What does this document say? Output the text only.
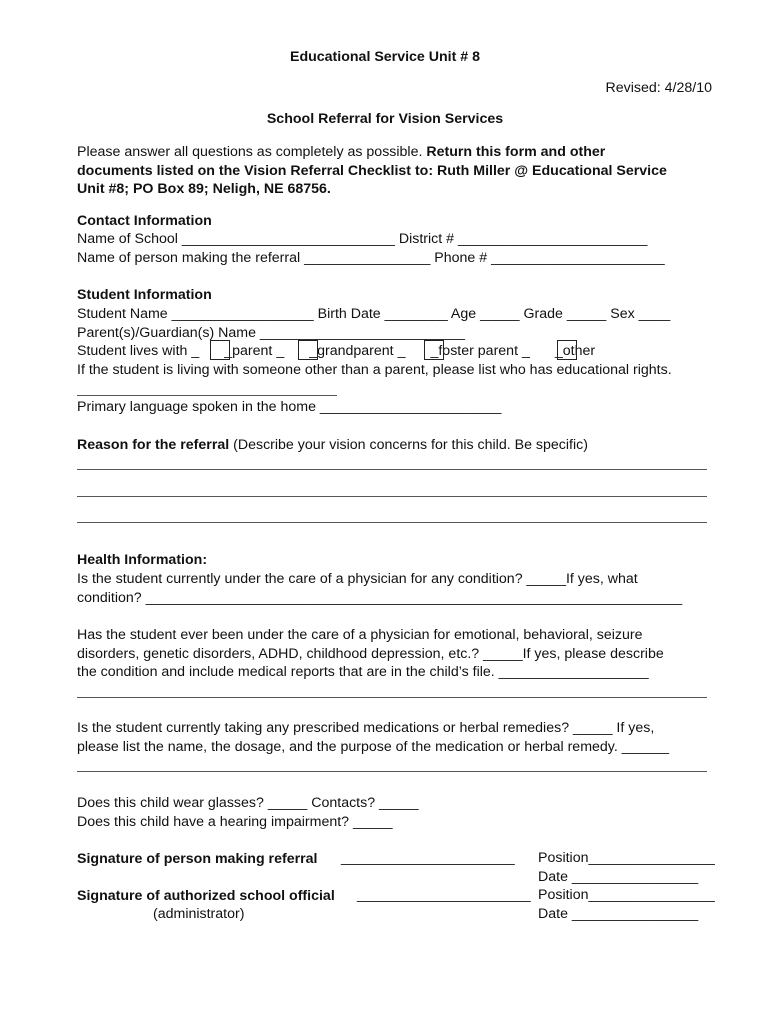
Educational Service Unit # 8
Revised: 4/28/10
School Referral for Vision Services
Please answer all questions as completely as possible. Return this form and other
documents listed on the Vision Referral Checklist to: Ruth Miller @ Educational Service
Unit #8; PO Box 89; Neligh, NE 68756.
Contact Information
Name of School ___________________________ District # ________________________
Name of person making the referral ________________ Phone # ______________________
Student Information
Student Name __________________ Birth Date ________ Age _____ Grade _____ Sex ____
Parent(s)/Guardian(s) Name __________________________
Student lives with _ _parent _ _grandparent _ _foster parent _ _other
If the student is living with someone other than a parent, please list who has educational rights.
Primary language spoken in the home _______________________
Reason for the referral (Describe your vision concerns for this child. Be specific)
Health Information:
Is the student currently under the care of a physician for any condition? _____If yes, what
condition? ____________________________________________________________________
Has the student ever been under the care of a physician for emotional, behavioral, seizure
disorders, genetic disorders, ADHD, childhood depression, etc.? _____If yes, please describe
the condition and include medical reports that are in the child’s file. ___________________
Is the student currently taking any prescribed medications or herbal remedies? _____ If yes,
please list the name, the dosage, and the purpose of the medication or herbal remedy. ______
Does this child wear glasses? _____ Contacts? _____
Does this child have a hearing impairment? _____
Signature of person making referral ______________________ Position________________
Date ________________
Signature of authorized school official ______________________ Position________________
Date ________________
(administrator)
